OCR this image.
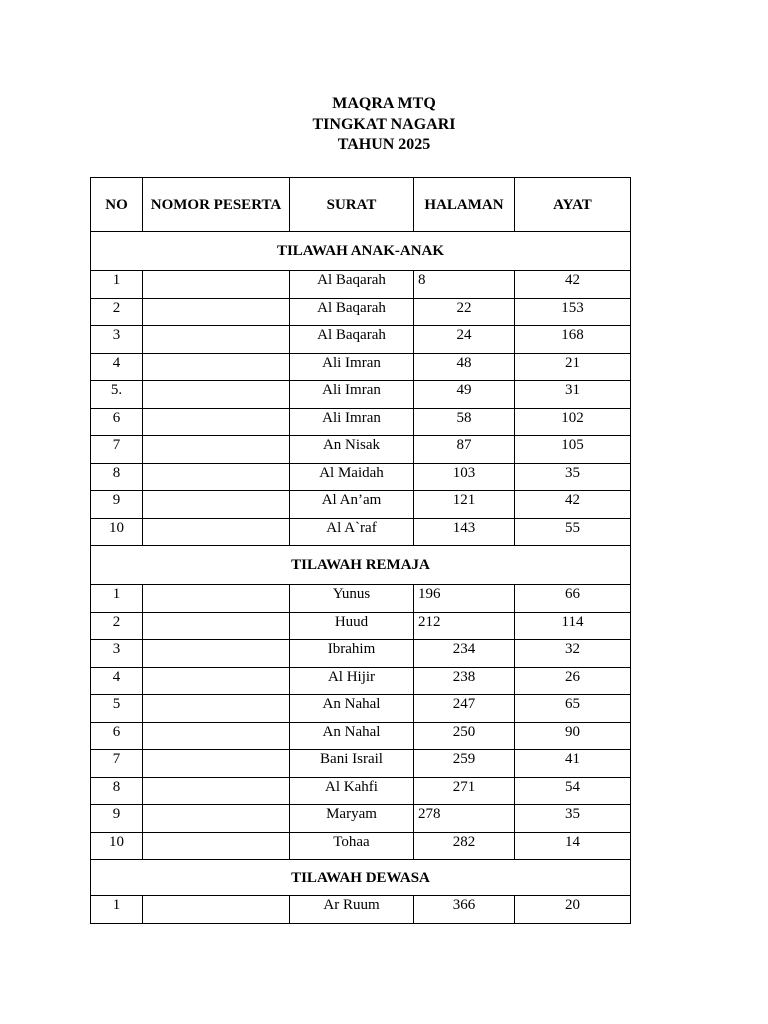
MAQRA MTQ
TINGKAT NAGARI
TAHUN 2025
NO	NOMOR PESERTA	SURAT	HALAMAN	AYAT
TILAWAH ANAK-ANAK				
1		Al Baqarah	8	42
2		Al Baqarah	22	153
3		Al Baqarah	24	168
4		Ali Imran	48	21
5.		Ali Imran	49	31
6		Ali Imran	58	102
7		An Nisak	87	105
8		Al Maidah	103	35
9		Al An’am	121	42
10		Al A`raf	143	55
TILAWAH REMAJA				
1		Yunus	196	66
2		Huud	212	114
3		Ibrahim	234	32
4		Al Hijir	238	26
5		An Nahal	247	65
6		An Nahal	250	90
7		Bani Israil	259	41
8		Al Kahfi	271	54
9		Maryam	278	35
10		Tohaa	282	14
TILAWAH DEWASA				
1		Ar Ruum	366	20
